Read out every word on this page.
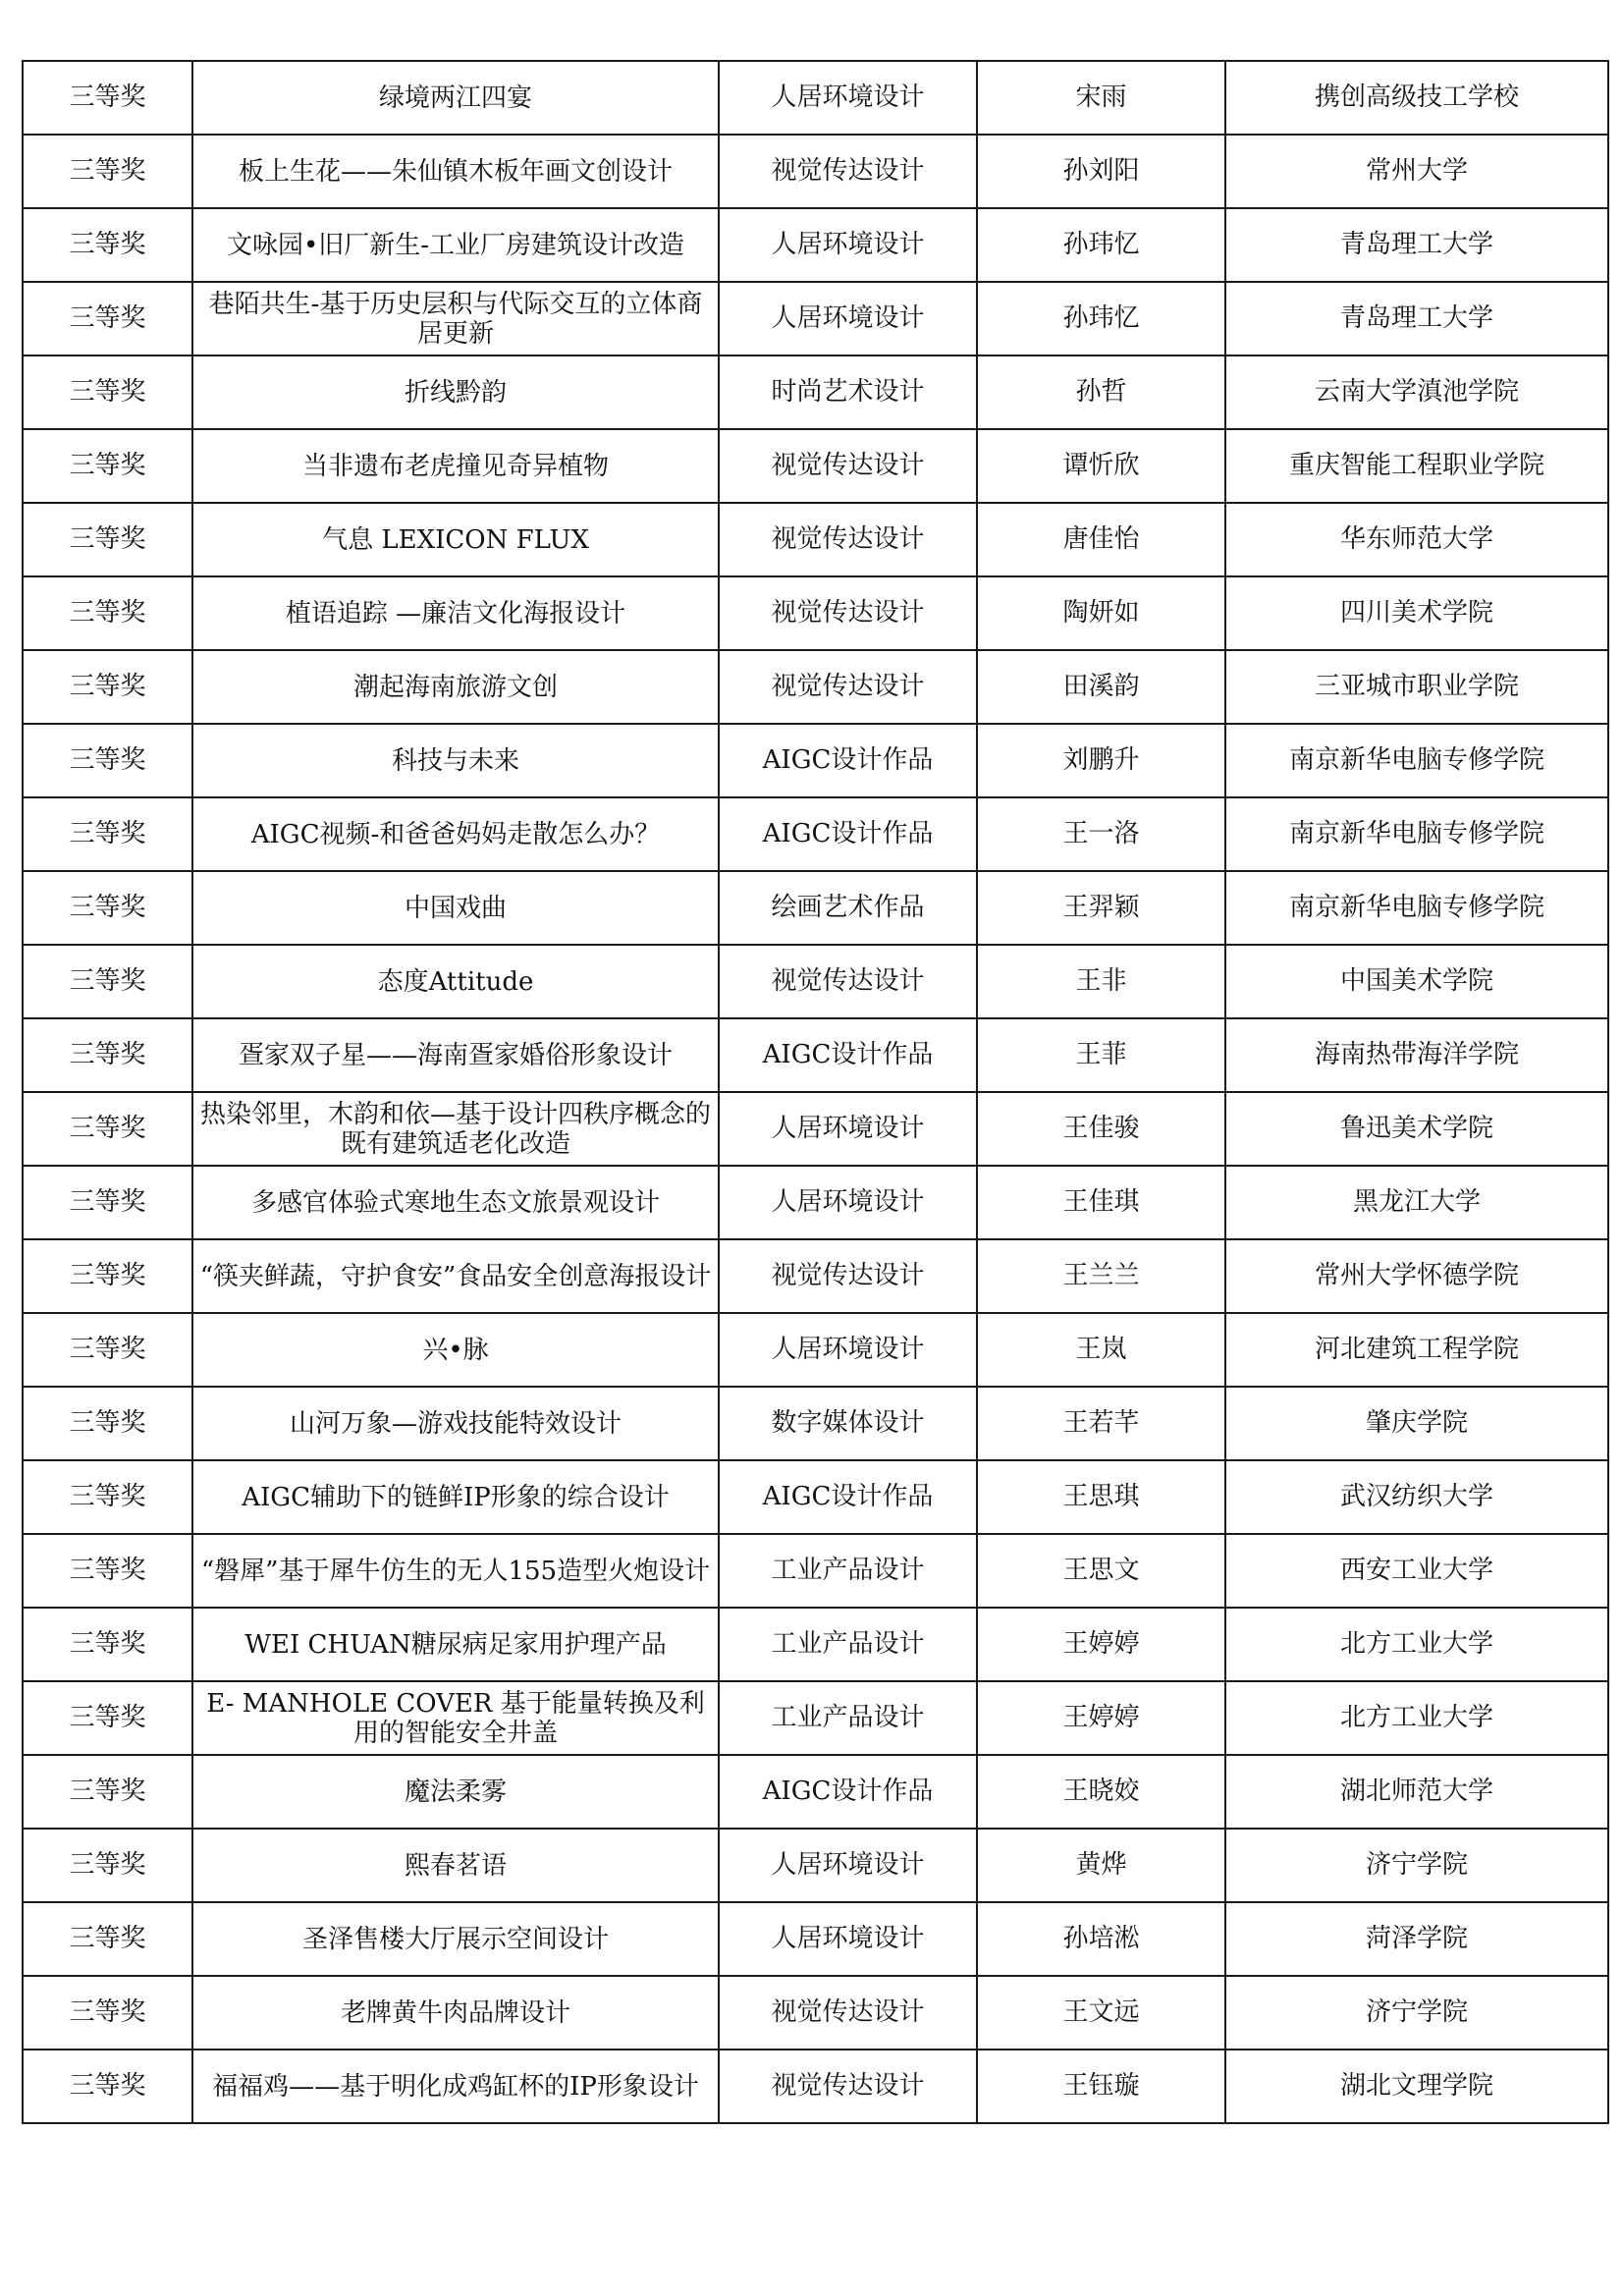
三等奖	绿境两江四宴	人居环境设计	宋雨	携创高级技工学校
三等奖	板上生花——朱仙镇木板年画文创设计	视觉传达设计	孙刘阳	常州大学
三等奖	文咏园•旧厂新生-工业厂房建筑设计改造	人居环境设计	孙玮忆	青岛理工大学
三等奖	巷陌共生-基于历史层积与代际交互的立体商居更新	人居环境设计	孙玮忆	青岛理工大学
三等奖	折线黔韵	时尚艺术设计	孙哲	云南大学滇池学院
三等奖	当非遗布老虎撞见奇异植物	视觉传达设计	谭忻欣	重庆智能工程职业学院
三等奖	气息 LEXICON FLUX	视觉传达设计	唐佳怡	华东师范大学
三等奖	植语追踪 —廉洁文化海报设计	视觉传达设计	陶妍如	四川美术学院
三等奖	潮起海南旅游文创	视觉传达设计	田溪韵	三亚城市职业学院
三等奖	科技与未来	AIGC设计作品	刘鹏升	南京新华电脑专修学院
三等奖	AIGC视频-和爸爸妈妈走散怎么办？	AIGC设计作品	王一洛	南京新华电脑专修学院
三等奖	中国戏曲	绘画艺术作品	王羿颖	南京新华电脑专修学院
三等奖	态度Attitude	视觉传达设计	王非	中国美术学院
三等奖	疍家双子星——海南疍家婚俗形象设计	AIGC设计作品	王菲	海南热带海洋学院
三等奖	热染邻里，木韵和依—基于设计四秩序概念的既有建筑适老化改造	人居环境设计	王佳骏	鲁迅美术学院
三等奖	多感官体验式寒地生态文旅景观设计	人居环境设计	王佳琪	黑龙江大学
三等奖	“筷夹鲜蔬，守护食安”食品安全创意海报设计	视觉传达设计	王兰兰	常州大学怀德学院
三等奖	兴•脉	人居环境设计	王岚	河北建筑工程学院
三等奖	山河万象—游戏技能特效设计	数字媒体设计	王若芊	肇庆学院
三等奖	AIGC辅助下的链鲜IP形象的综合设计	AIGC设计作品	王思琪	武汉纺织大学
三等奖	“磐犀”基于犀牛仿生的无人155造型火炮设计	工业产品设计	王思文	西安工业大学
三等奖	WEI CHUAN糖尿病足家用护理产品	工业产品设计	王婷婷	北方工业大学
三等奖	E- MANHOLE COVER 基于能量转换及利用的智能安全井盖	工业产品设计	王婷婷	北方工业大学
三等奖	魔法柔雾	AIGC设计作品	王晓姣	湖北师范大学
三等奖	熙春茗语	人居环境设计	黄烨	济宁学院
三等奖	圣泽售楼大厅展示空间设计	人居环境设计	孙培淞	菏泽学院
三等奖	老牌黄牛肉品牌设计	视觉传达设计	王文远	济宁学院
三等奖	福福鸡——基于明化成鸡缸杯的IP形象设计	视觉传达设计	王钰璇	湖北文理学院
